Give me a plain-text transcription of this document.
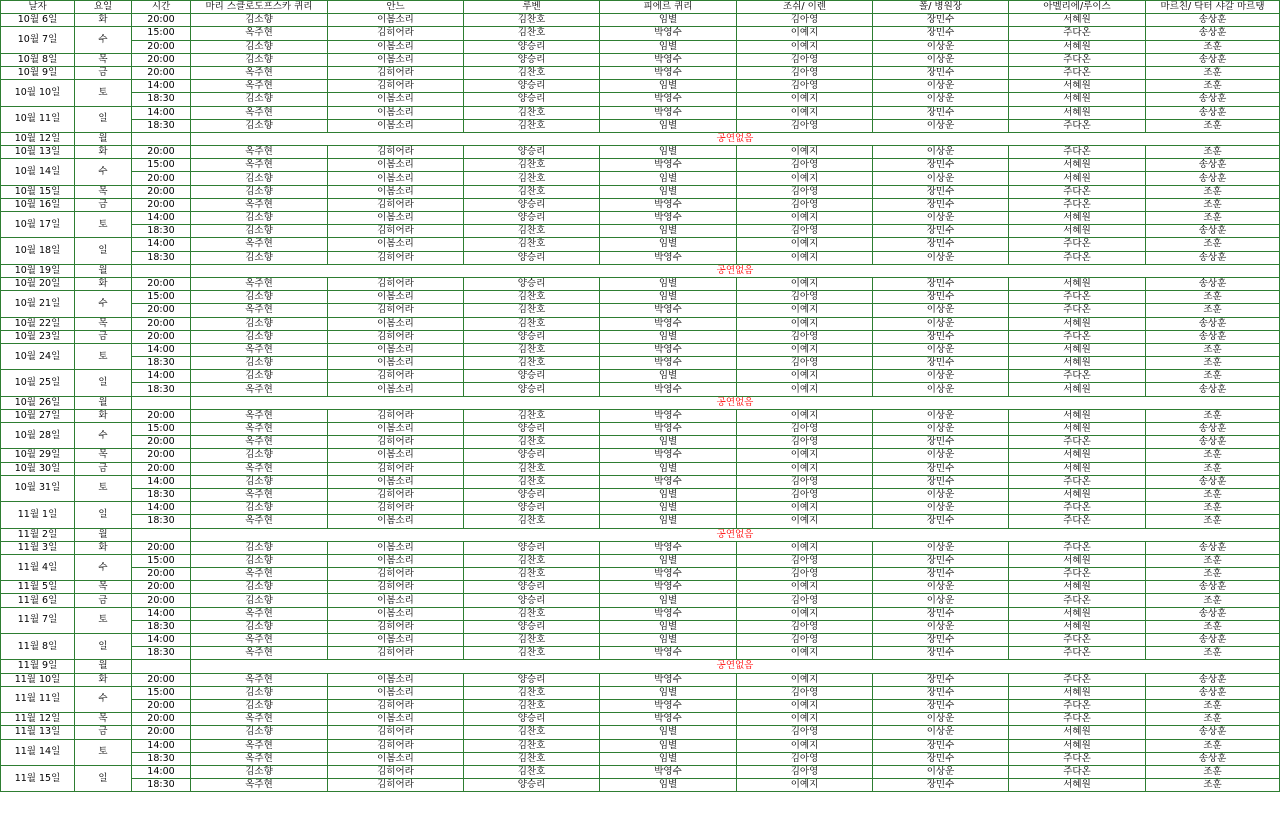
날자	요일	시간	마리 스클로도프스카 퀴리	안느	루벤	피에르 퀴리	조쉬/ 이렌	폴/ 병원장	아멜리에/루이스	마르친/ 닥터 샤갈 마르탱
10월 6일	화	20:00	김소향	이봄소리	김찬호	임별	김아영	장민수	서혜원	송상훈
10월 7일	수	15:00	옥주현	김히어라	김찬호	박영수	이예지	장민수	주다온	송상훈
		20:00	김소향	이봄소리	양승리	임별	이예지	이상운	서혜원	조훈
10월 8일	목	20:00	김소향	이봄소리	양승리	박영수	김아영	이상운	주다온	송상훈
10월 9일	금	20:00	옥주현	김히어라	김찬호	박영수	김아영	장민수	주다온	조훈
10월 10일	토	14:00	옥주현	김히어라	양승리	임별	김아영	이상운	서혜원	조훈
		18:30	김소향	이봄소리	양승리	박영수	이예지	이상운	서혜원	송상훈
10월 11일	일	14:00	옥주현	이봄소리	김찬호	박영수	이예지	장민수	서혜원	송상훈
		18:30	김소향	이봄소리	김찬호	임별	김아영	이상운	주다온	조훈
10월 12일	월		공연없음							
10월 13일	화	20:00	옥주현	김히어라	양승리	임별	이예지	이상운	주다온	조훈
10월 14일	수	15:00	옥주현	이봄소리	김찬호	박영수	김아영	장민수	서혜원	송상훈
		20:00	김소향	이봄소리	김찬호	임별	이예지	이상운	서혜원	송상훈
10월 15일	목	20:00	김소향	이봄소리	김찬호	임별	김아영	장민수	주다온	조훈
10월 16일	금	20:00	옥주현	김히어라	양승리	박영수	김아영	장민수	주다온	조훈
10월 17일	토	14:00	김소향	이봄소리	양승리	박영수	이예지	이상운	서혜원	조훈
		18:30	김소향	김히어라	김찬호	임별	김아영	장민수	서혜원	송상훈
10월 18일	일	14:00	옥주현	이봄소리	김찬호	임별	이예지	장민수	주다온	조훈
		18:30	김소향	김히어라	양승리	박영수	이예지	이상운	주다온	송상훈
10월 19일	월		공연없음							
10월 20일	화	20:00	옥주현	김히어라	양승리	임별	이예지	장민수	서혜원	송상훈
10월 21일	수	15:00	김소향	이봄소리	김찬호	임별	김아영	장민수	주다온	조훈
		20:00	옥주현	김히어라	김찬호	박영수	이예지	이상운	주다온	조훈
10월 22일	목	20:00	김소향	이봄소리	김찬호	박영수	이예지	이상운	서혜원	송상훈
10월 23일	금	20:00	김소향	김히어라	양승리	임별	김아영	장민수	주다온	송상훈
10월 24일	토	14:00	옥주현	이봄소리	김찬호	박영수	이예지	이상운	서혜원	조훈
		18:30	김소향	이봄소리	김찬호	박영수	김아영	장민수	서혜원	조훈
10월 25일	일	14:00	김소향	김히어라	양승리	임별	이예지	이상운	주다온	조훈
		18:30	옥주현	이봄소리	양승리	박영수	이예지	이상운	서혜원	송상훈
10월 26일	월		공연없음							
10월 27일	화	20:00	옥주현	김히어라	김찬호	박영수	이예지	이상운	서혜원	조훈
10월 28일	수	15:00	옥주현	이봄소리	양승리	박영수	김아영	이상운	서혜원	송상훈
		20:00	옥주현	김히어라	김찬호	임별	김아영	장민수	주다온	송상훈
10월 29일	목	20:00	김소향	이봄소리	양승리	박영수	이예지	이상운	서혜원	조훈
10월 30일	금	20:00	옥주현	김히어라	김찬호	임별	이예지	장민수	서혜원	조훈
10월 31일	토	14:00	김소향	이봄소리	김찬호	박영수	김아영	장민수	주다온	송상훈
		18:30	옥주현	김히어라	양승리	임별	김아영	이상운	서혜원	조훈
11월 1일	일	14:00	김소향	김히어라	양승리	임별	이예지	이상운	주다온	조훈
		18:30	옥주현	이봄소리	김찬호	임별	이예지	장민수	주다온	조훈
11월 2일	월		공연없음							
11월 3일	화	20:00	김소향	이봄소리	양승리	박영수	이예지	이상운	주다온	송상훈
11월 4일	수	15:00	김소향	이봄소리	김찬호	임별	김아영	장민수	서혜원	조훈
		20:00	옥주현	김히어라	김찬호	박영수	김아영	장민수	주다온	조훈
11월 5일	목	20:00	김소향	김히어라	양승리	박영수	이예지	이상운	서혜원	송상훈
11월 6일	금	20:00	김소향	이봄소리	양승리	임별	김아영	이상운	주다온	조훈
11월 7일	토	14:00	옥주현	이봄소리	김찬호	박영수	이예지	장민수	서혜원	송상훈
		18:30	김소향	김히어라	양승리	임별	김아영	이상운	서혜원	조훈
11월 8일	일	14:00	옥주현	이봄소리	김찬호	임별	김아영	장민수	주다온	송상훈
		18:30	옥주현	김히어라	김찬호	박영수	이예지	장민수	주다온	조훈
11월 9일	월		공연없음							
11월 10일	화	20:00	옥주현	이봄소리	양승리	박영수	이예지	장민수	주다온	송상훈
11월 11일	수	15:00	김소향	이봄소리	김찬호	임별	김아영	장민수	서혜원	송상훈
		20:00	김소향	김히어라	김찬호	박영수	이예지	장민수	주다온	조훈
11월 12일	목	20:00	옥주현	이봄소리	양승리	박영수	이예지	이상운	주다온	조훈
11월 13일	금	20:00	김소향	김히어라	김찬호	임별	김아영	이상운	서혜원	송상훈
11월 14일	토	14:00	옥주현	김히어라	김찬호	임별	이예지	장민수	서혜원	조훈
		18:30	옥주현	이봄소리	김찬호	임별	김아영	장민수	주다온	송상훈
11월 15일	일	14:00	김소향	김히어라	김찬호	박영수	김아영	이상운	주다온	조훈
		18:30	옥주현	김히어라	양승리	임별	이예지	장민수	서혜원	조훈
